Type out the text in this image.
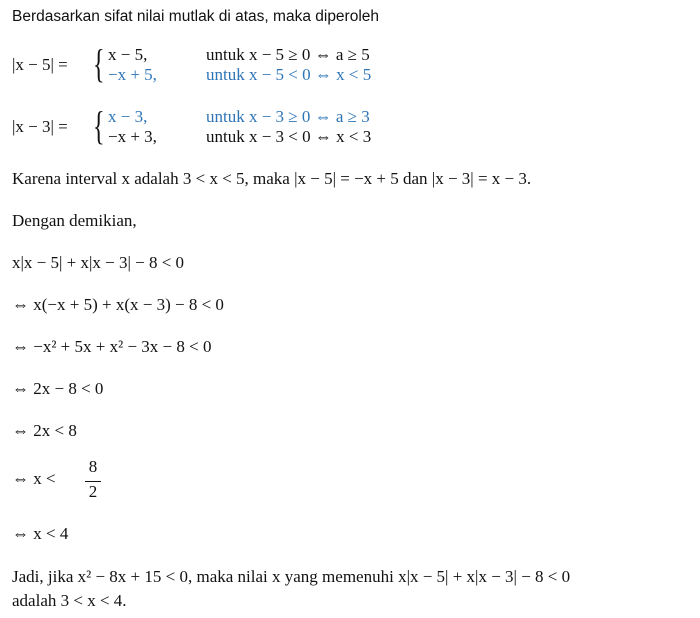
Berdasarkan sifat nilai mutlak di atas, maka diperoleh
|x − 5| = { x − 5,	untuk x − 5 ≥ 0 ⇔ a ≥ 5
−x + 5,	untuk x − 5 < 0 ⇔ x < 5
|x − 3| = { x − 3,	untuk x − 3 ≥ 0 ⇔ a ≥ 3
−x + 3,	untuk x − 3 < 0 ⇔ x < 3
Karena interval x adalah 3 < x < 5, maka |x − 5| = −x + 5 dan |x − 3| = x − 3.
Dengan demikian,
x|x − 5| + x|x − 3| − 8 < 0
⇔ x(−x + 5) + x(x − 3) − 8 < 0
⇔ −x² + 5x + x² − 3x − 8 < 0
⇔ 2x − 8 < 0
⇔ 2x < 8
⇔ x <
8
2
⇔ x < 4
Jadi, jika x² − 8x + 15 < 0, maka nilai x yang memenuhi x|x − 5| + x|x − 3| − 8 < 0
adalah 3 < x < 4.
